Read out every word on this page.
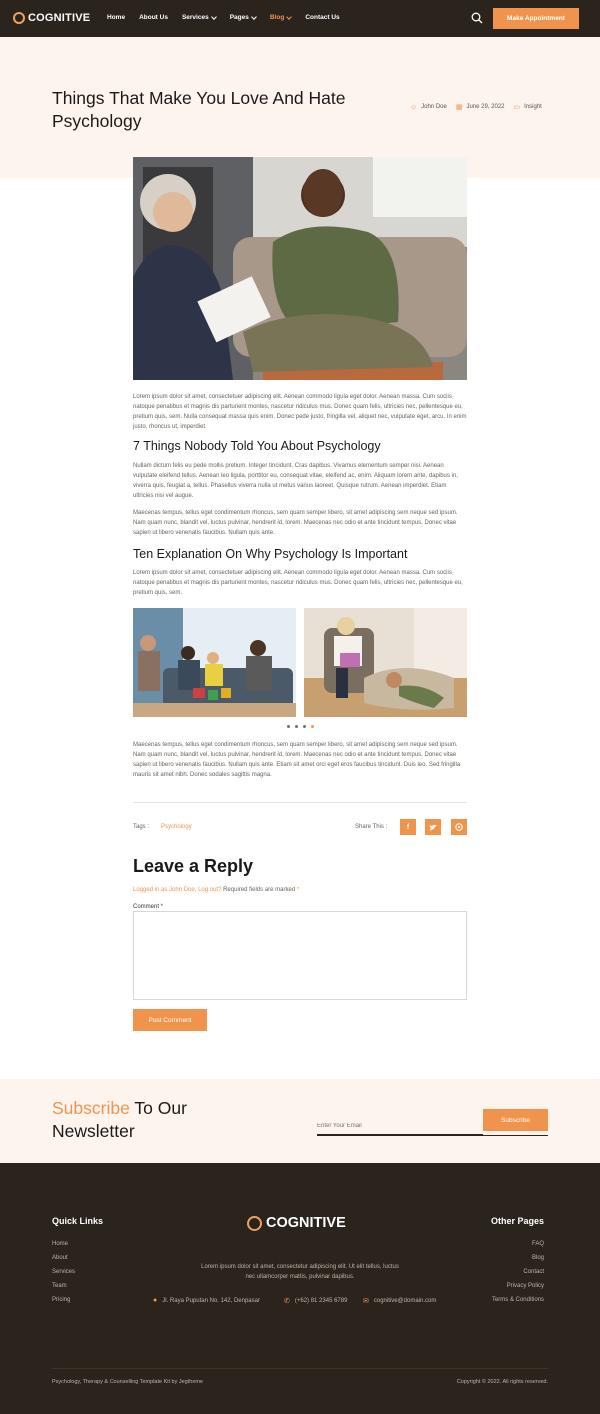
COGNITIVE	Home About Us Services	Pages	Blog	Contact Us	Make Appointment
Things That Make You Love And Hate Psychology
☺ John Doe ▦ June 29, 2022 ▭ Insight

Lorem ipsum dolor sit amet, consectetuer adipiscing elit. Aenean commodo ligula eget dolor. Aenean massa. Cum sociis natoque penatibus et magnis dis parturient montes, nascetur ridiculus mus. Donec quam felis, ultricies nec, pellentesque eu, pretium quis, sem. Nulla consequat massa quis enim. Donec pede justo, fringilla vel, aliquet nec, vulputate eget, arcu. In enim justo, rhoncus ut, imperdiet.

7 Things Nobody Told You About Psychology

Nullam dictum felis eu pede mollis pretium. Integer tincidunt. Cras dapibus. Vivamus elementum semper nisi. Aenean vulputate eleifend tellus. Aenean leo ligula, porttitor eu, consequat vitae, eleifend ac, enim. Aliquam lorem ante, dapibus in, viverra quis, feugiat a, tellus. Phasellus viverra nulla ut metus varius laoreet. Quisque rutrum. Aenean imperdiet. Etiam ultricies nisi vel augue.

Maecenas tempus, tellus eget condimentum rhoncus, sem quam semper libero, sit amet adipiscing sem neque sed ipsum. Nam quam nunc, blandit vel, luctus pulvinar, hendrerit id, lorem. Maecenas nec odio et ante tincidunt tempus. Donec vitae sapien ut libero venenatis faucibus. Nullam quis ante.

Ten Explanation On Why Psychology Is Important

Lorem ipsum dolor sit amet, consectetuer adipiscing elit. Aenean commodo ligula eget dolor. Aenean massa. Cum sociis natoque penatibus et magnis dis parturient montes, nascetur ridiculus mus. Donec quam felis, ultricies nec, pellentesque eu, pretium quis, sem.

Maecenas tempus, tellus eget condimentum rhoncus, sem quam semper libero, sit amet adipiscing sem neque sed ipsum. Nam quam nunc, blandit vel, luctus pulvinar, hendrerit id, lorem. Maecenas nec odio et ante tincidunt tempus. Donec vitae sapien ut libero venenatis faucibus. Nullam quis ante. Etiam sit amet orci eget eros faucibus tincidunt. Duis leo. Sed fringilla mauris sit amet nibh. Donec sodales sagittis magna.

Tags : Psychology	Share This :	f
Leave a Reply

Logged in as John Doe, Log out? Required fields are marked *

Comment *
Post Comment
Subscribe To Our Newsletter
Enter Your Email
Subscribe
Quick Links
Home
About
Services
Team
Pricing
COGNITIVE

Lorem ipsum dolor sit amet, consectetur adipiscing elit. Ut elit tellus, luctus nec ullamcorper mattis, pulvinar dapibus.

● Jl. Raya Puputan No. 142, Denpasar	✆ (+62) 81 2345 6789 ✉ cognitive@domain.com
Other Pages
FAQ
Blog
Contact
Privacy Policy
Terms & Conditions
Psychology, Therapy & Counselling Template Kit by Jegtheme	Copyright © 2022. All rights reserved.
